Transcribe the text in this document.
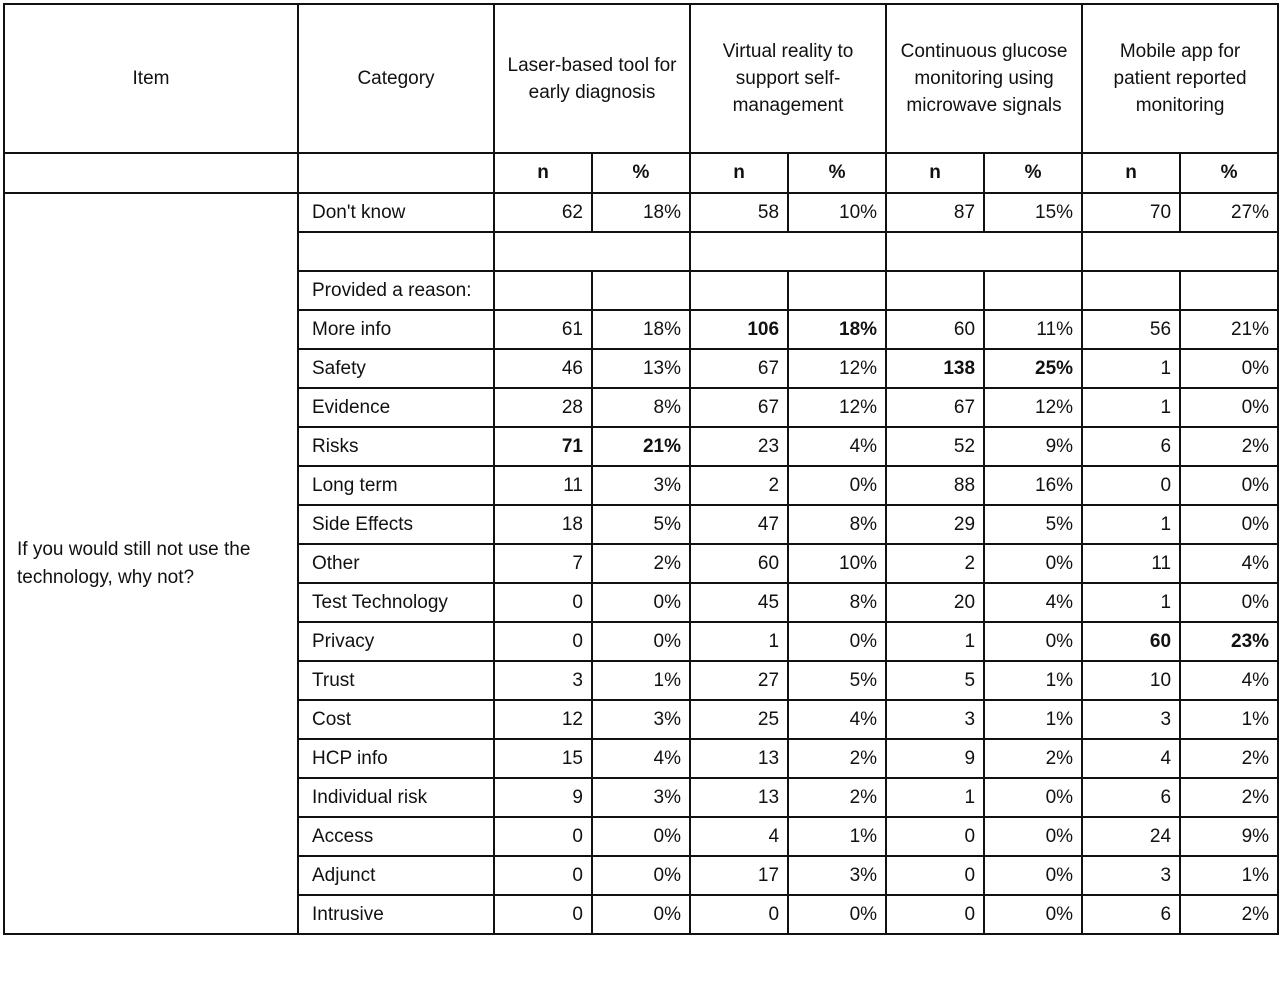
Item	Category	Laser-based tool for early diagnosis		Virtual reality to support self-management		Continuous glucose monitoring using microwave signals		Mobile app for patient reported monitoring	
		n	%	n	%	n	%	n	%
If you would still not use the technology, why not?	Don't know	62	18%	58	10%	87	15%	70	27%

	Provided a reason:								
	More info	61	18%	106	18%	60	11%	56	21%
	Safety	46	13%	67	12%	138	25%	1	0%
	Evidence	28	8%	67	12%	67	12%	1	0%
	Risks	71	21%	23	4%	52	9%	6	2%
	Long term	11	3%	2	0%	88	16%	0	0%
	Side Effects	18	5%	47	8%	29	5%	1	0%
	Other	7	2%	60	10%	2	0%	11	4%
	Test Technology	0	0%	45	8%	20	4%	1	0%
	Privacy	0	0%	1	0%	1	0%	60	23%
	Trust	3	1%	27	5%	5	1%	10	4%
	Cost	12	3%	25	4%	3	1%	3	1%
	HCP info	15	4%	13	2%	9	2%	4	2%
	Individual risk	9	3%	13	2%	1	0%	6	2%
	Access	0	0%	4	1%	0	0%	24	9%
	Adjunct	0	0%	17	3%	0	0%	3	1%
	Intrusive	0	0%	0	0%	0	0%	6	2%
